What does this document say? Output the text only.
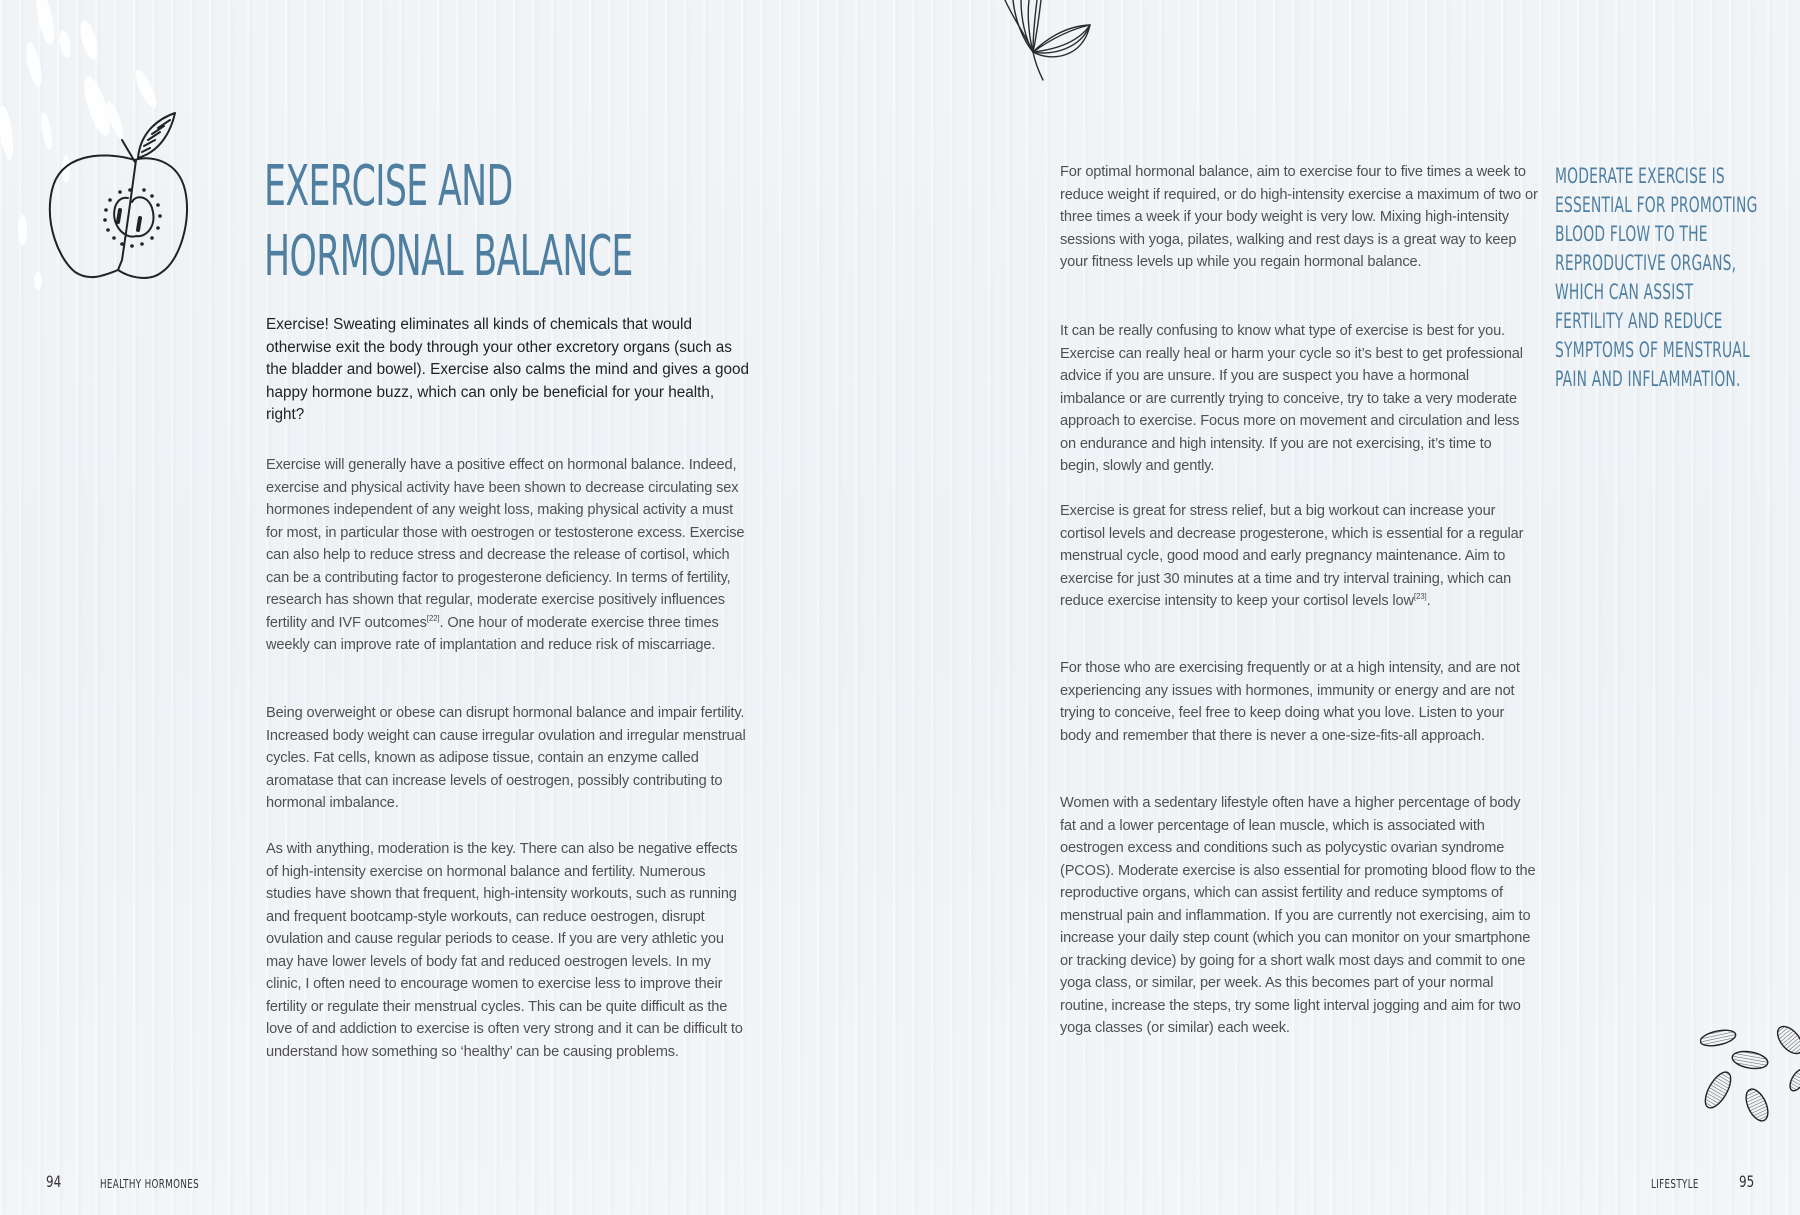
EXERCISE AND
HORMONAL BALANCE

Exercise! Sweating eliminates all kinds of chemicals that would otherwise exit the body through your other excretory organs (such as the bladder and bowel). Exercise also calms the mind and gives a good happy hormone buzz, which can only be beneficial for your health, right?

Exercise will generally have a positive effect on hormonal balance. Indeed, exercise and physical activity have been shown to decrease circulating sex hormones independent of any weight loss, making physical activity a must for most, in particular those with oestrogen or testosterone excess. Exercise can also help to reduce stress and decrease the release of cortisol, which can be a contributing factor to progesterone deficiency. In terms of fertility, research has shown that regular, moderate exercise positively influences fertility and IVF outcomes[22]. One hour of moderate exercise three times weekly can improve rate of implantation and reduce risk of miscarriage.

Being overweight or obese can disrupt hormonal balance and impair fertility. Increased body weight can cause irregular ovulation and irregular menstrual cycles. Fat cells, known as adipose tissue, contain an enzyme called aromatase that can increase levels of oestrogen, possibly contributing to hormonal imbalance.

As with anything, moderation is the key. There can also be negative effects of high-intensity exercise on hormonal balance and fertility. Numerous studies have shown that frequent, high-intensity workouts, such as running and frequent bootcamp-style workouts, can reduce oestrogen, disrupt ovulation and cause regular periods to cease. If you are very athletic you may have lower levels of body fat and reduced oestrogen levels. In my clinic, I often need to encourage women to exercise less to improve their fertility or regulate their menstrual cycles. This can be quite difficult as the love of and addiction to exercise is often very strong and it can be difficult to understand how something so ‘healthy’ can be causing problems.

For optimal hormonal balance, aim to exercise four to five times a week to reduce weight if required, or do high-intensity exercise a maximum of two or three times a week if your body weight is very low. Mixing high-intensity sessions with yoga, pilates, walking and rest days is a great way to keep your fitness levels up while you regain hormonal balance.

It can be really confusing to know what type of exercise is best for you. Exercise can really heal or harm your cycle so it’s best to get professional advice if you are unsure. If you are suspect you have a hormonal imbalance or are currently trying to conceive, try to take a very moderate approach to exercise. Focus more on movement and circulation and less on endurance and high intensity. If you are not exercising, it’s time to begin, slowly and gently.

Exercise is great for stress relief, but a big workout can increase your cortisol levels and decrease progesterone, which is essential for a regular menstrual cycle, good mood and early pregnancy maintenance. Aim to exercise for just 30 minutes at a time and try interval training, which can reduce exercise intensity to keep your cortisol levels low[23].

For those who are exercising frequently or at a high intensity, and are not experiencing any issues with hormones, immunity or energy and are not trying to conceive, feel free to keep doing what you love. Listen to your body and remember that there is never a one-size-fits-all approach.

Women with a sedentary lifestyle often have a higher percentage of body fat and a lower percentage of lean muscle, which is associated with oestrogen excess and conditions such as polycystic ovarian syndrome (PCOS). Moderate exercise is also essential for promoting blood flow to the reproductive organs, which can assist fertility and reduce symptoms of menstrual pain and inflammation. If you are currently not exercising, aim to increase your daily step count (which you can monitor on your smartphone or tracking device) by going for a short walk most days and commit to one yoga class, or similar, per week. As this becomes part of your normal routine, increase the steps, try some light interval jogging and aim for two yoga classes (or similar) each week.

MODERATE EXERCISE IS
ESSENTIAL FOR PROMOTING
BLOOD FLOW TO THE
REPRODUCTIVE ORGANS,
WHICH CAN ASSIST
FERTILITY AND REDUCE
SYMPTOMS OF MENSTRUAL
PAIN AND INFLAMMATION.

94	HEALTHY HORMONES	LIFESTYLE	95
